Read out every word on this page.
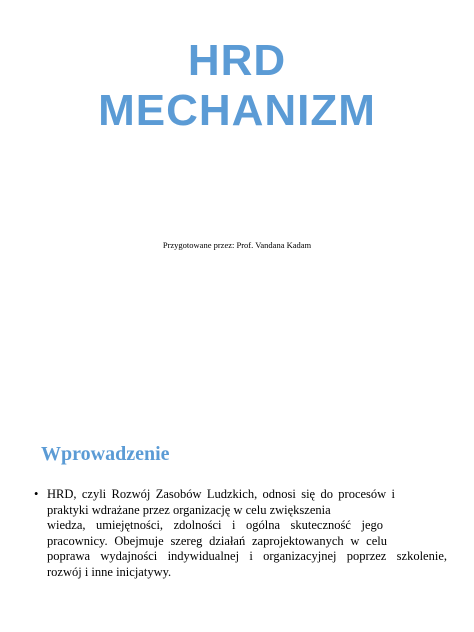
HRD
MECHANIZM

Przygotowane przez: Prof. Vandana Kadam

Wprowadzenie
• HRD, czyli Rozwój Zasobów Ludzkich, odnosi się do procesów i
praktyki wdrażane przez organizację w celu zwiększenia
wiedza, umiejętności, zdolności i ogólna skuteczność jego
pracownicy. Obejmuje szereg działań zaprojektowanych w celu
poprawa wydajności indywidualnej i organizacyjnej poprzez szkolenie,
rozwój i inne inicjatywy.
